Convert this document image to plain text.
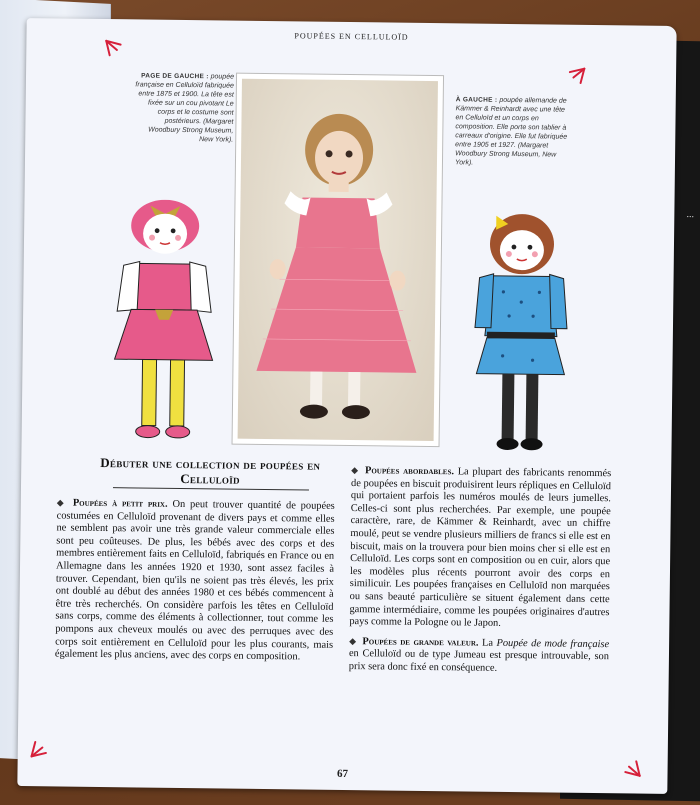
...
POUPÉES EN CELLULOÏD
PAGE DE GAUCHE : poupée française en Celluloïd fabriquée entre 1875 et 1900. La tête est fixée sur un cou pivotant Le corps et le costume sont postérieurs. (Margaret Woodbury Strong Museum, New York).
À GAUCHE : poupée allemande de Kämmer & Reinhardt avec une tête en Celluloïd et un corps en composition. Elle porte son tablier à carreaux d'origine. Elle fut fabriquée entre 1905 et 1927. (Margaret Woodbury Strong Museum, New York).
Débuter une collection de poupées en Celluloïd

◆ Poupées à petit prix. On peut trouver quantité de poupées costumées en Celluloïd provenant de divers pays et comme elles ne semblent pas avoir une très grande valeur commerciale elles sont peu coûteuses. De plus, les bébés avec des corps et des membres entièrement faits en Celluloïd, fabriqués en France ou en Allemagne dans les années 1920 et 1930, sont assez faciles à trouver. Cependant, bien qu'ils ne soient pas très élevés, les prix ont doublé au début des années 1980 et ces bébés commencent à être très recherchés. On considère parfois les têtes en Celluloïd sans corps, comme des éléments à collectionner, tout comme les pompons aux cheveux moulés ou avec des perruques avec des corps soit entièrement en Celluloïd pour les plus courants, mais également les plus anciens, avec des corps en composition.

◆ Poupées abordables. La plupart des fabricants renommés de poupées en biscuit produisirent leurs répliques en Celluloïd qui portaient parfois les numéros moulés de leurs jumelles. Celles-ci sont plus recherchées. Par exemple, une poupée caractère, rare, de Kämmer & Reinhardt, avec un chiffre moulé, peut se vendre plusieurs milliers de francs si elle est en biscuit, mais on la trouvera pour bien moins cher si elle est en Celluloïd. Les corps sont en composition ou en cuir, alors que les modèles plus récents pourront avoir des corps en similicuir. Les poupées françaises en Celluloïd non marquées ou sans beauté particulière se situent également dans cette gamme intermédiaire, comme les poupées originaires d'autres pays comme la Pologne ou le Japon.

◆ Poupées de grande valeur. La Poupée de mode française en Celluloïd ou de type Jumeau est presque introuvable, son prix sera donc fixé en conséquence.

67
